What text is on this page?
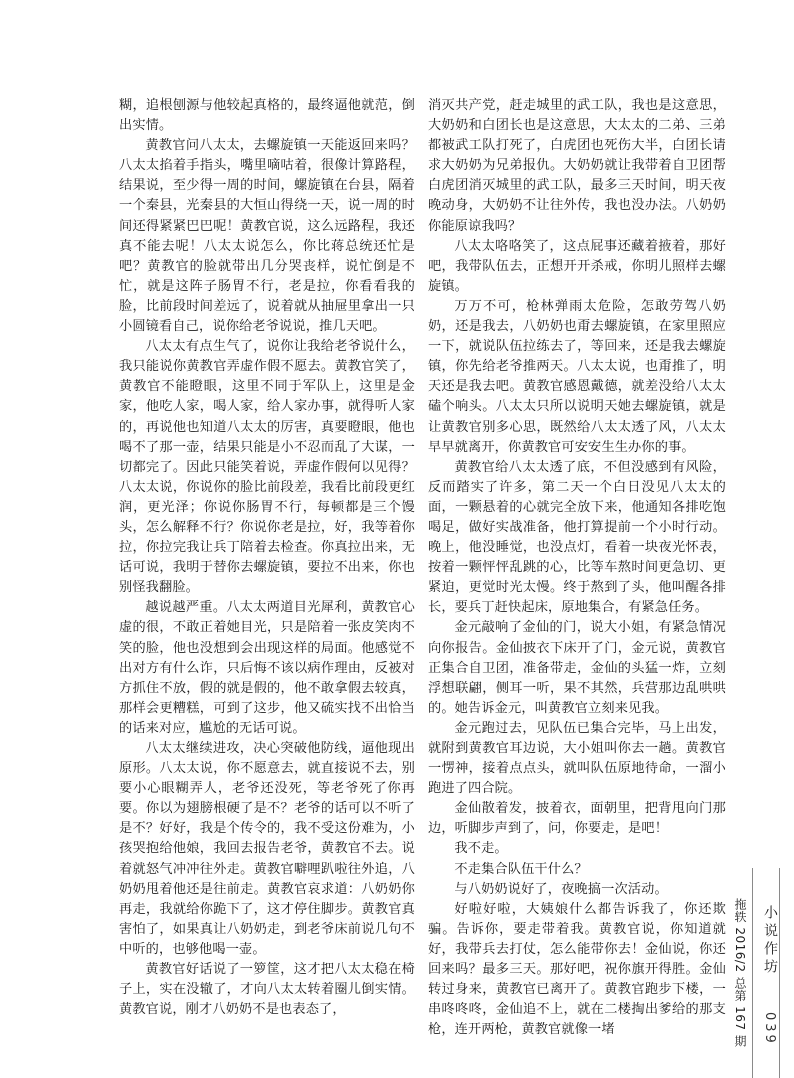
糊，追根刨源与他较起真格的，最终逼他就范，倒出实情。

黄教官问八太太，去螺旋镇一天能返回来吗？八太太掐着手指头，嘴里嘀咕着，很像计算路程，结果说，至少得一周的时间，螺旋镇在台县，隔着一个秦县，光秦县的大恒山得绕一天，说一周的时间还得紧紧巴巴呢！黄教官说，这么远路程，我还真不能去呢！八太太说怎么，你比蒋总统还忙是吧？黄教官的脸就带出几分哭丧样，说忙倒是不忙，就是这阵子肠胃不行，老是拉，你看看我的脸，比前段时间差远了，说着就从抽屉里拿出一只小圆镜看自己，说你给老爷说说，推几天吧。

八太太有点生气了，说你让我给老爷说什么，我只能说你黄教官弄虚作假不愿去。黄教官笑了，黄教官不能瞪眼，这里不同于军队上，这里是金家，他吃人家，喝人家，给人家办事，就得听人家的，再说他也知道八太太的厉害，真要瞪眼，他也喝不了那一壶，结果只能是小不忍而乱了大谋，一切都完了。因此只能笑着说，弄虚作假何以见得？八太太说，你说你的脸比前段差，我看比前段更红润，更光泽；你说你肠胃不行，每顿都是三个馒头，怎么解释不行？你说你老是拉，好，我等着你拉，你拉完我让兵丁陪着去检查。你真拉出来，无话可说，我明于替你去螺旋镇，要拉不出来，你也别怪我翻脸。

越说越严重。八太太两道目光犀利，黄教官心虚的很，不敢正着她目光，只是陪着一张皮笑肉不笑的脸，他也没想到会出现这样的局面。他感觉不出对方有什么诈，只后悔不该以病作理由，反被对方抓住不放，假的就是假的，他不敢拿假去较真，那样会更糟糕，可到了这步，他又硫实找不出恰当的话来对应，尴尬的无话可说。

八太太继续进攻，决心突破他防线，逼他现出原形。八太太说，你不愿意去，就直接说不去，别要小心眼糊弄人，老爷还没死，等老爷死了你再要。你以为翅膀根硬了是不？老爷的话可以不听了是不？好好，我是个传令的，我不受这份难为，小孩哭抱给他娘，我回去报告老爷，黄教官不去。说着就怒气冲冲往外走。黄教官噼哩趴啦往外追，八奶奶甩着他还是往前走。黄教官哀求道：八奶奶你再走，我就给你跪下了，这才停住脚步。黄教官真害怕了，如果真让八奶奶走，到老爷床前说几句不中听的，也够他喝一壶。

黄教官好话说了一箩筐，这才把八太太稳在椅子上，实在没辙了，才向八太太转着圈儿倒实情。黄教官说，刚才八奶奶不是也表态了，

消灭共产党，赶走城里的武工队，我也是这意思，大奶奶和白团长也是这意思，大太太的二弟、三弟都被武工队打死了，白虎团也死伤大半，白团长请求大奶奶为兄弟报仇。大奶奶就让我带着自卫团帮白虎团消灭城里的武工队，最多三天时间，明天夜晚动身，大奶奶不让往外传，我也没办法。八奶奶你能原谅我吗？

八太太咯咯笑了，这点屁事还藏着掖着，那好吧，我带队伍去，正想开开杀戒，你明儿照样去螺旋镇。

万万不可，枪林弹雨太危险，怎敢劳驾八奶奶，还是我去，八奶奶也甭去螺旋镇，在家里照应一下，就说队伍拉练去了，等回来，还是我去螺旋镇，你先给老爷推两天。八太太说，也甭推了，明天还是我去吧。黄教官感恩戴德，就差没给八太太磕个响头。八太太只所以说明天她去螺旋镇，就是让黄教官别多心思，既然给八太太透了风，八太太早早就离开，你黄教官可安安生生办你的事。

黄教官给八太太透了底，不但没感到有风险，反而踏实了许多，第二天一个白日没见八太太的面，一颗悬着的心就完全放下来，他通知各排吃饱喝足，做好实战准备，他打算提前一个小时行动。晚上，他没睡觉，也没点灯，看着一块夜光怀表，按着一颗怦怦乱跳的心，比等车熬时间更急切、更紧迫，更觉时光太慢。终于熬到了头，他叫醒各排长，要兵丁赶快起床，原地集合，有紧急任务。

金元敲响了金仙的门，说大小姐，有紧急情况向你报告。金仙披衣下床开了门，金元说，黄教官正集合自卫团，准备带走，金仙的头猛一炸，立刻浮想联翩，侧耳一听，果不其然，兵营那边乱哄哄的。她告诉金元，叫黄教官立刻来见我。

金元跑过去，见队伍已集合完毕，马上出发，就附到黄教官耳边说，大小姐叫你去一趟。黄教官一愣神，接着点点头，就叫队伍原地待命，一溜小跑进了四合院。

金仙散着发，披着衣，面朝里，把背甩向门那边，听脚步声到了，问，你要走，是吧！

我不走。

不走集合队伍干什么？

与八奶奶说好了，夜晚搞一次活动。

好啦好啦，大姨娘什么都告诉我了，你还欺骗。告诉你，要走带着我。黄教官说，你知道就好，我带兵去打仗，怎么能带你去！金仙说，你还回来吗？最多三天。那好吧，祝你旗开得胜。金仙转过身来，黄教官已离开了。黄教官跑步下楼，一串咚咚咚，金仙追不上，就在二楼掏出爹给的那支枪，连开两枪，黄教官就像一堵	拖轶 2016/2 总第 167 期 小说作坊
039
